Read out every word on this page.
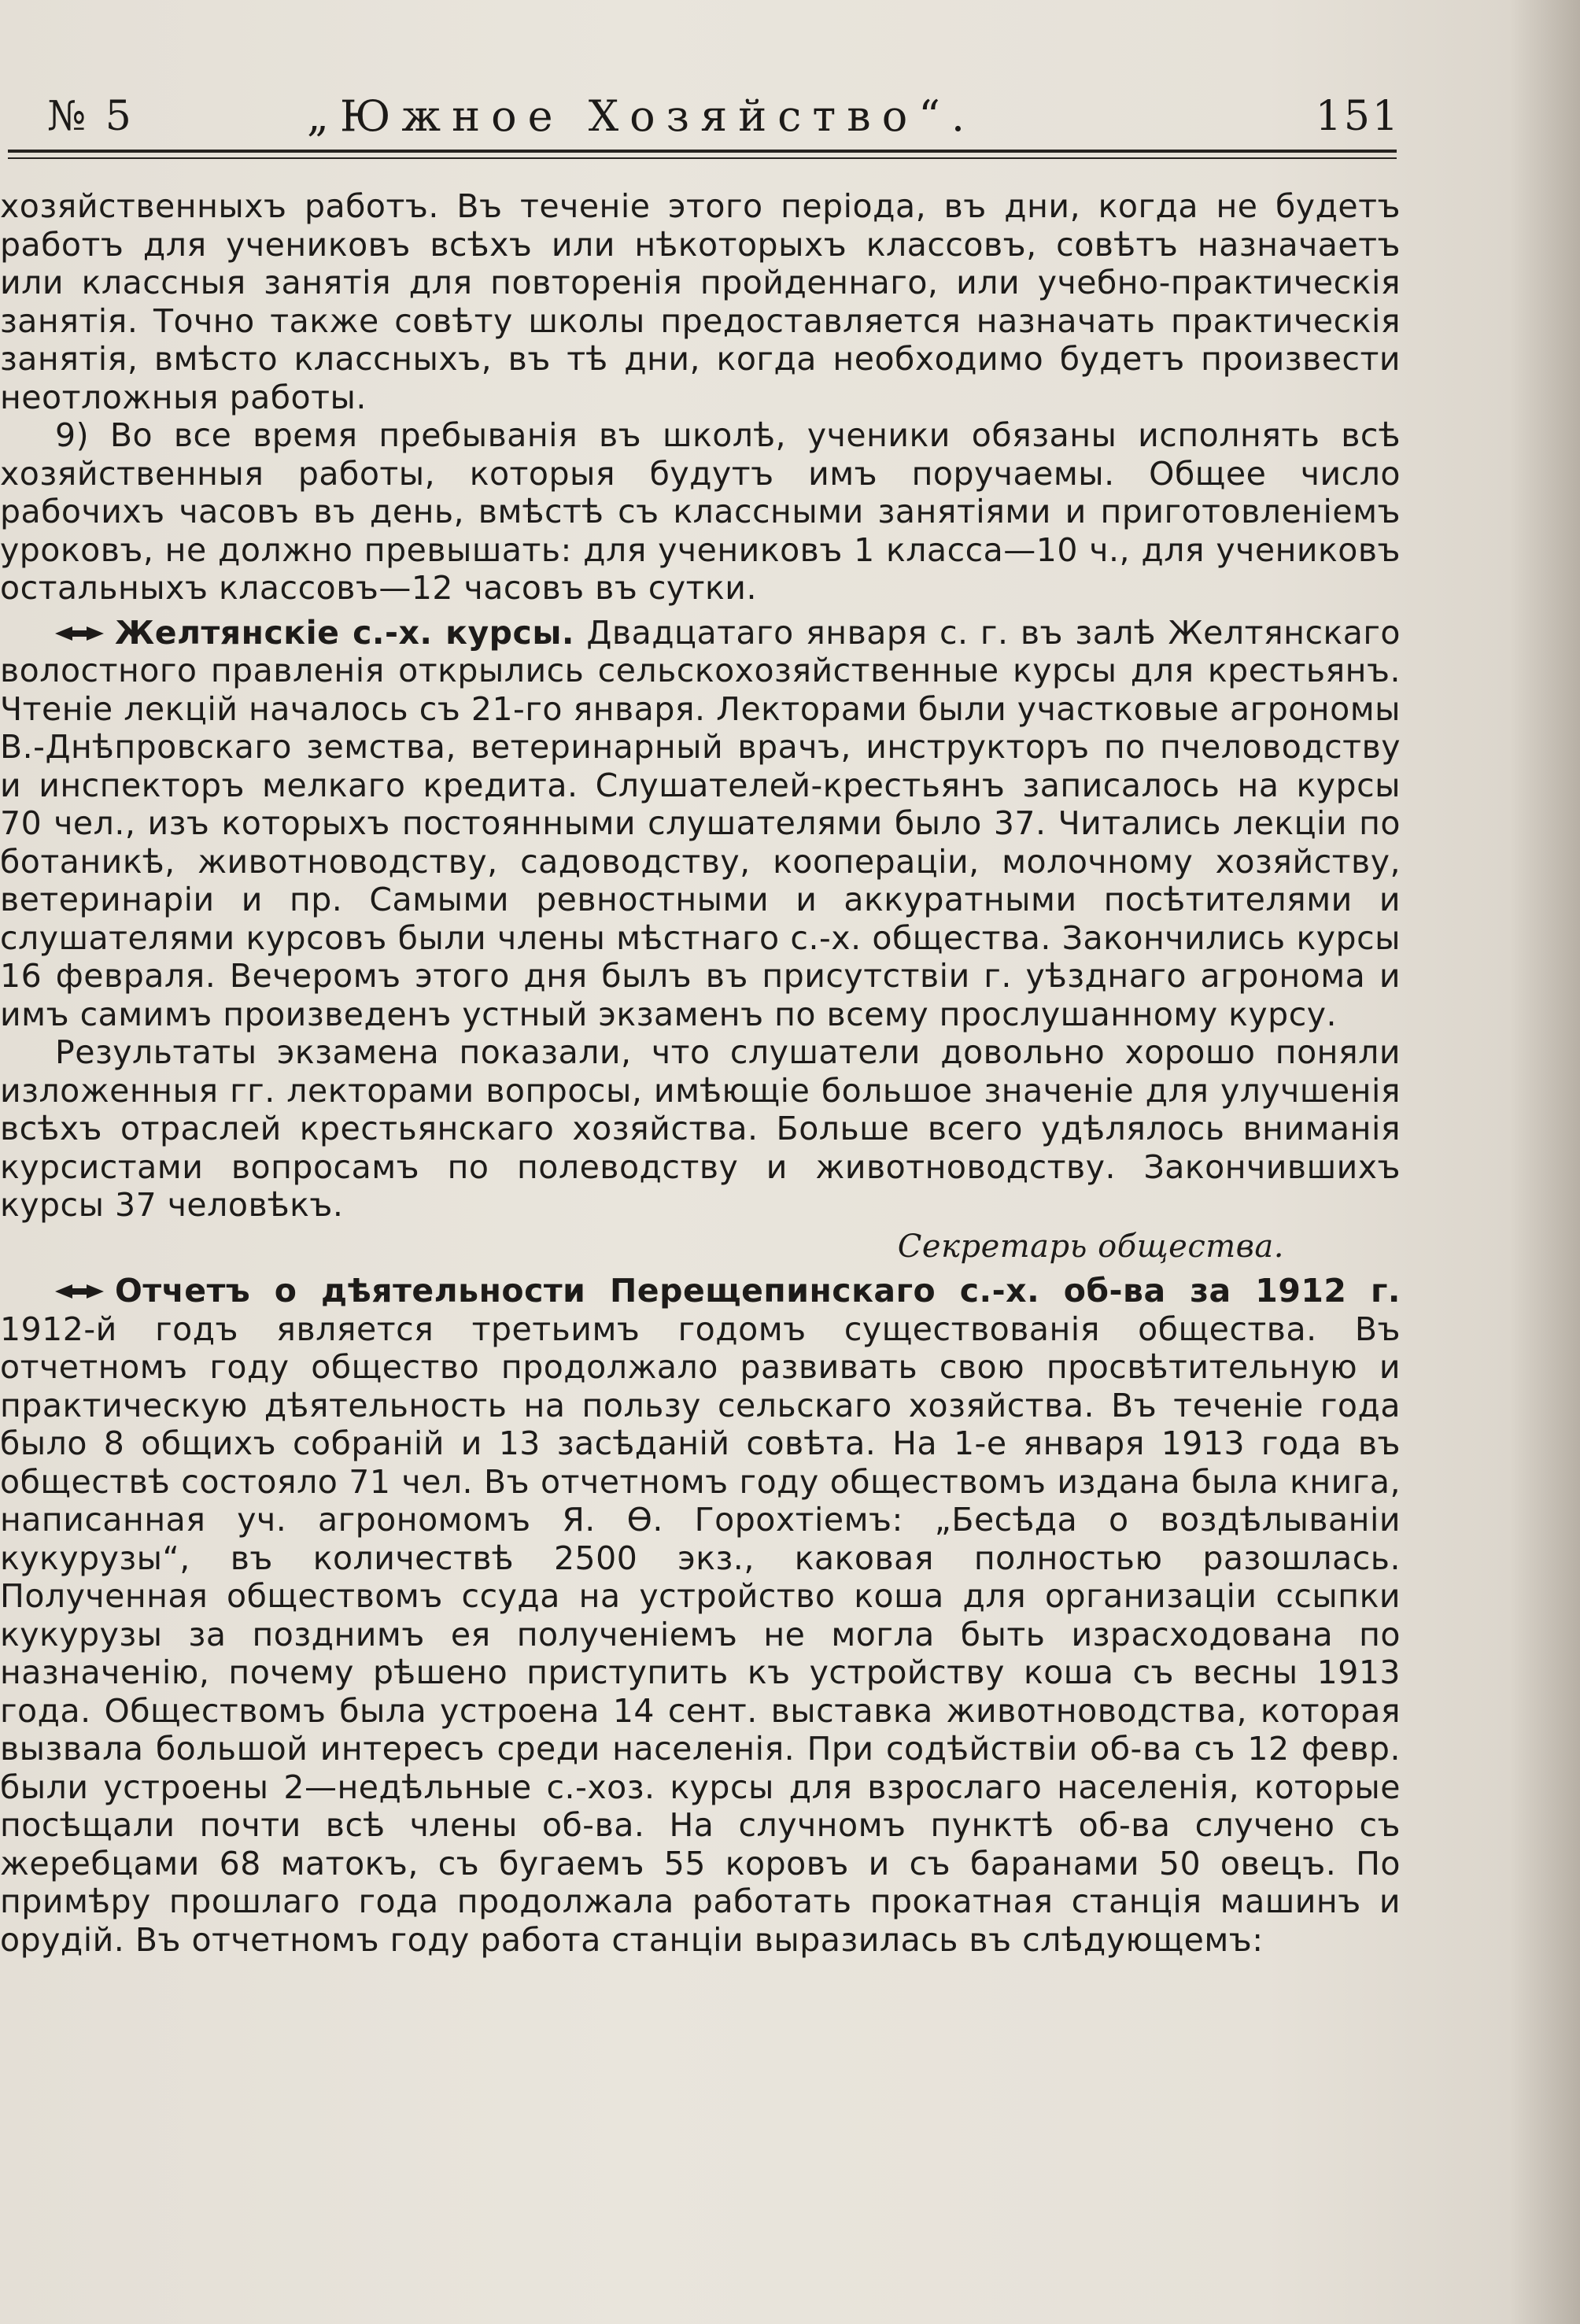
№ 5	„Южное Хозяйство“.	151

хозяйственныхъ работъ. Въ теченіе этого періода, въ дни, когда не будетъ работъ для учениковъ всѣхъ или нѣкоторыхъ классовъ, совѣтъ назначаетъ или классныя занятія для повторенія пройденнаго, или учебно-практическія занятія. Точно также совѣту школы предоставляется назначать практическія занятія, вмѣсто классныхъ, въ тѣ дни, когда необходимо будетъ произвести неотложныя работы.

9) Во все время пребыванія въ школѣ, ученики обязаны исполнять всѣ хозяйственныя работы, которыя будутъ имъ поручаемы. Общее число рабочихъ часовъ въ день, вмѣстѣ съ классными занятіями и приготовленіемъ уроковъ, не должно превышать: для учениковъ 1 класса—10 ч., для учениковъ остальныхъ классовъ—12 часовъ въ сутки.

Желтянскіе с.-х. курсы. Двадцатаго января с. г. въ залѣ Желтянскаго волостного правленія открылись сельскохозяйственные курсы для крестьянъ. Чтеніе лекцій началось съ 21-го января. Лекторами были участковые агрономы В.-Днѣпровскаго земства, ветеринарный врачъ, инструкторъ по пчеловодству и инспекторъ мелкаго кредита. Слушателей-крестьянъ записалось на курсы 70 чел., изъ которыхъ постоянными слушателями было 37. Читались лекціи по ботаникѣ, животноводству, садоводству, коопераціи, молочному хозяйству, ветеринаріи и пр. Самыми ревностными и аккуратными посѣтителями и слушателями курсовъ были члены мѣстнаго с.-х. общества. Закончились курсы 16 февраля. Вечеромъ этого дня былъ въ присутствіи г. уѣзднаго агронома и имъ самимъ произведенъ устный экзаменъ по всему прослушанному курсу.

Результаты экзамена показали, что слушатели довольно хорошо поняли изложенныя гг. лекторами вопросы, имѣющіе большое значеніе для улучшенія всѣхъ отраслей крестьянскаго хозяйства. Больше всего удѣлялось вниманія курсистами вопросамъ по полеводству и животноводству. Закончившихъ курсы 37 человѣкъ.

Секретарь общества.

Отчетъ о дѣятельности Перещепинскаго с.-х. об-ва за 1912 г. 1912-й годъ является третьимъ годомъ существованія общества. Въ отчетномъ году общество продолжало развивать свою просвѣтительную и практическую дѣятельность на пользу сельскаго хозяйства. Въ теченіе года было 8 общихъ собраній и 13 засѣданій совѣта. На 1-е января 1913 года въ обществѣ состояло 71 чел. Въ отчетномъ году обществомъ издана была книга, написанная уч. агрономомъ Я. Ѳ. Горохтіемъ: „Бесѣда о воздѣлываніи кукурузы“, въ количествѣ 2500 экз., каковая полностью разошлась. Полученная обществомъ ссуда на устройство коша для организаціи ссыпки кукурузы за позднимъ ея полученіемъ не могла быть израсходована по назначенію, почему рѣшено приступить къ устройству коша съ весны 1913 года. Обществомъ была устроена 14 сент. выставка животноводства, которая вызвала большой интересъ среди населенія. При содѣйствіи об-ва съ 12 февр. были устроены 2—недѣльные с.-хоз. курсы для взрослаго населенія, которые посѣщали почти всѣ члены об-ва. На случномъ пунктѣ об-ва случено съ жеребцами 68 матокъ, съ бугаемъ 55 коровъ и съ баранами 50 овецъ. По примѣру прошлаго года продолжала работать прокатная станція машинъ и орудій. Въ отчетномъ году работа станціи выразилась въ слѣдующемъ:
